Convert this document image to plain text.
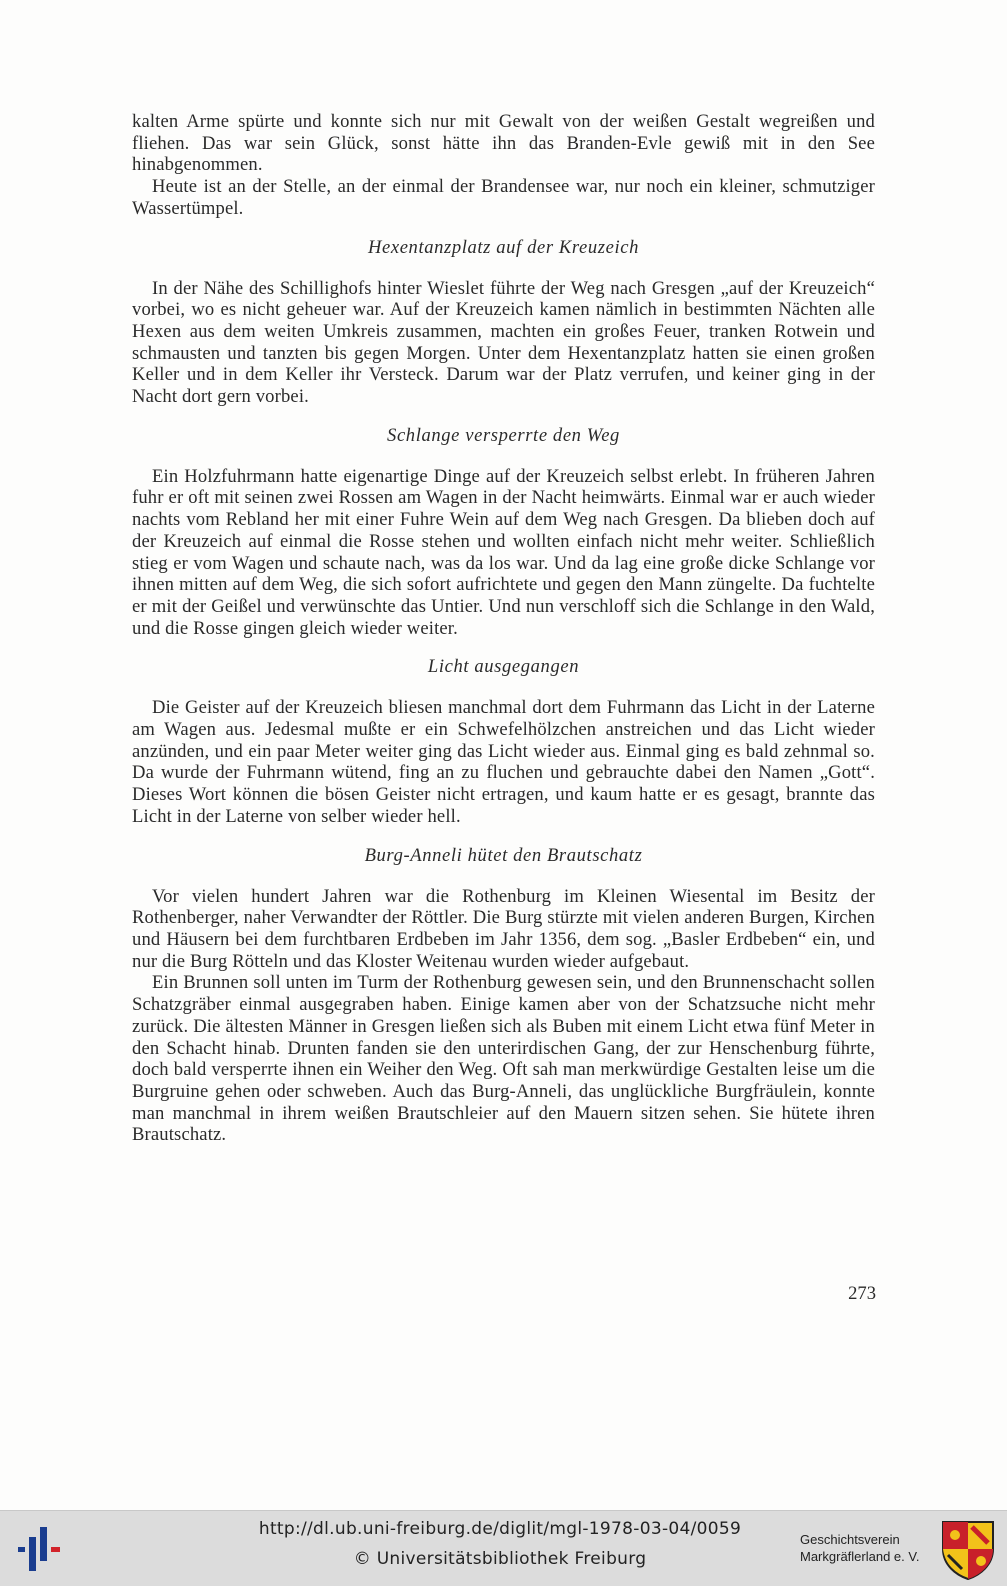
kalten Arme spürte und konnte sich nur mit Gewalt von der weißen Gestalt wegreißen und fliehen. Das war sein Glück, sonst hätte ihn das Branden-Evle gewiß mit in den See hinabgenommen.

Heute ist an der Stelle, an der einmal der Brandensee war, nur noch ein kleiner, schmutziger Wassertümpel.

Hexentanzplatz auf der Kreuzeich

In der Nähe des Schillighofs hinter Wieslet führte der Weg nach Gresgen „auf der Kreuzeich“ vorbei, wo es nicht geheuer war. Auf der Kreuzeich kamen nämlich in bestimmten Nächten alle Hexen aus dem weiten Umkreis zusammen, machten ein großes Feuer, tranken Rotwein und schmausten und tanzten bis gegen Morgen. Unter dem Hexentanzplatz hatten sie einen großen Keller und in dem Keller ihr Versteck. Darum war der Platz verrufen, und keiner ging in der Nacht dort gern vorbei.

Schlange versperrte den Weg

Ein Holzfuhrmann hatte eigenartige Dinge auf der Kreuzeich selbst erlebt. In früheren Jahren fuhr er oft mit seinen zwei Rossen am Wagen in der Nacht heimwärts. Einmal war er auch wieder nachts vom Rebland her mit einer Fuhre Wein auf dem Weg nach Gresgen. Da blieben doch auf der Kreuzeich auf einmal die Rosse stehen und wollten einfach nicht mehr weiter. Schließlich stieg er vom Wagen und schaute nach, was da los war. Und da lag eine große dicke Schlange vor ihnen mitten auf dem Weg, die sich sofort aufrichtete und gegen den Mann züngelte. Da fuchtelte er mit der Geißel und verwünschte das Untier. Und nun verschloff sich die Schlange in den Wald, und die Rosse gingen gleich wieder weiter.

Licht ausgegangen

Die Geister auf der Kreuzeich bliesen manchmal dort dem Fuhrmann das Licht in der Laterne am Wagen aus. Jedesmal mußte er ein Schwefelhölzchen anstreichen und das Licht wieder anzünden, und ein paar Meter weiter ging das Licht wieder aus. Einmal ging es bald zehnmal so. Da wurde der Fuhrmann wütend, fing an zu fluchen und gebrauchte dabei den Namen „Gott“. Dieses Wort können die bösen Geister nicht ertragen, und kaum hatte er es gesagt, brannte das Licht in der Laterne von selber wieder hell.

Burg-Anneli hütet den Brautschatz

Vor vielen hundert Jahren war die Rothenburg im Kleinen Wiesental im Besitz der Rothenberger, naher Verwandter der Röttler. Die Burg stürzte mit vielen anderen Burgen, Kirchen und Häusern bei dem furchtbaren Erdbeben im Jahr 1356, dem sog. „Basler Erdbeben“ ein, und nur die Burg Rötteln und das Kloster Weitenau wurden wieder aufgebaut.

Ein Brunnen soll unten im Turm der Rothenburg gewesen sein, und den Brunnenschacht sollen Schatzgräber einmal ausgegraben haben. Einige kamen aber von der Schatzsuche nicht mehr zurück. Die ältesten Männer in Gresgen ließen sich als Buben mit einem Licht etwa fünf Meter in den Schacht hinab. Drunten fanden sie den unterirdischen Gang, der zur Henschenburg führte, doch bald versperrte ihnen ein Weiher den Weg. Oft sah man merkwürdige Gestalten leise um die Burgruine gehen oder schweben. Auch das Burg-Anneli, das unglückliche Burgfräulein, konnte man manchmal in ihrem weißen Brautschleier auf den Mauern sitzen sehen. Sie hütete ihren Brautschatz.

273
http://dl.ub.uni-freiburg.de/diglit/mgl-1978-03-04/0059
© Universitätsbibliothek Freiburg
Geschichtsverein
Markgräflerland e. V.
